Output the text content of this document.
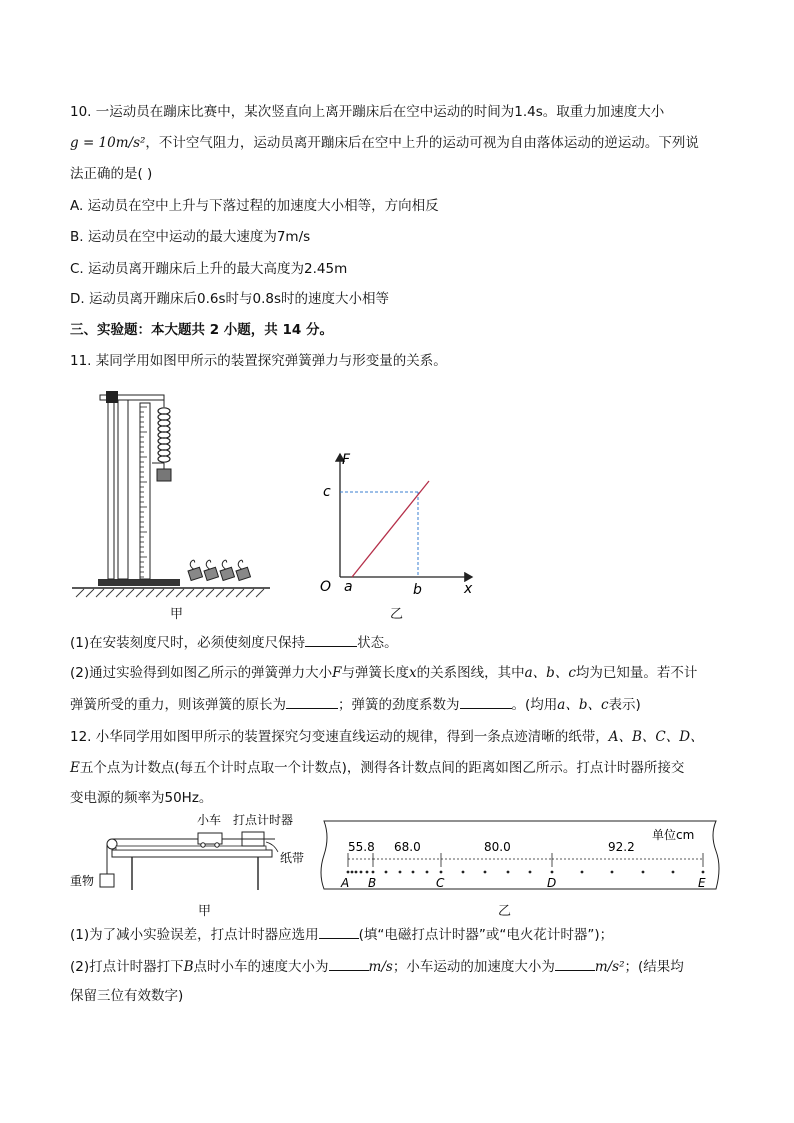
10. 一运动员在蹦床比赛中，某次竖直向上离开蹦床后在空中运动的时间为1.4s。取重力加速度大小
g = 10m/s²，不计空气阻力，运动员离开蹦床后在空中上升的运动可视为自由落体运动的逆运动。下列说
法正确的是( )
A. 运动员在空中上升与下落过程的加速度大小相等，方向相反
B. 运动员在空中运动的最大速度为7m/s
C. 运动员离开蹦床后上升的最大高度为2.45m
D. 运动员离开蹦床后0.6s时与0.8s时的速度大小相等
三、实验题：本大题共 2 小题，共 14 分。
11. 某同学用如图甲所示的装置探究弹簧弹力与形变量的关系。
甲
F
x
O a	b
c
乙
(1)在安装刻度尺时，必须使刻度尺保持	状态。
(2)通过实验得到如图乙所示的弹簧弹力大小F与弹簧长度x的关系图线，其中a、b、c均为已知量。若不计
弹簧所受的重力，则该弹簧的原长为	；弹簧的劲度系数为	。(均用a、b、c表示)
12. 小华同学用如图甲所示的装置探究匀变速直线运动的规律，得到一条点迹清晰的纸带，A、B、C、D、
E五个点为计数点(每五个计时点取一个计数点)，测得各计数点间的距离如图乙所示。打点计时器所接交
变电源的频率为50Hz。
小车 打点计时器
纸带
重物
甲
单位cm
55.8 68.0	80.0	92.2
A B	C	D	E
乙
(1)为了减小实验误差，打点计时器应选用	(填“电磁打点计时器”或“电火花计时器”)；
(2)打点计时器打下B点时小车的速度大小为	m/s；小车运动的加速度大小为	m/s²；(结果均
保留三位有效数字)
